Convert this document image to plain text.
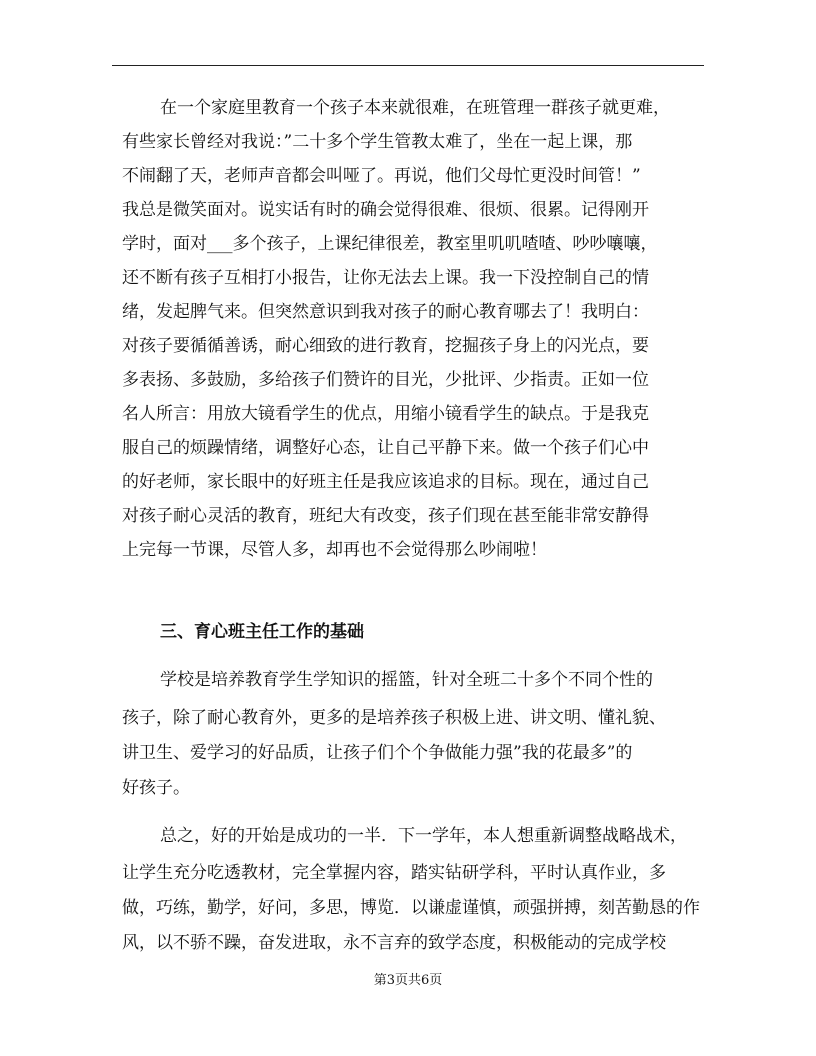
在一个家庭里教育一个孩子本来就很难，在班管理一群孩子就更难，
有些家长曾经对我说：”二十多个学生管教太难了，坐在一起上课，那
不闹翻了天，老师声音都会叫哑了。再说，他们父母忙更没时间管！”
我总是微笑面对。说实话有时的确会觉得很难、很烦、很累。记得刚开
学时，面对___多个孩子，上课纪律很差，教室里叽叽喳喳、吵吵嚷嚷，
还不断有孩子互相打小报告，让你无法去上课。我一下没控制自己的情
绪，发起脾气来。但突然意识到我对孩子的耐心教育哪去了！我明白：
对孩子要循循善诱，耐心细致的进行教育，挖掘孩子身上的闪光点，要
多表扬、多鼓励，多给孩子们赞许的目光，少批评、少指责。正如一位
名人所言：用放大镜看学生的优点，用缩小镜看学生的缺点。于是我克
服自己的烦躁情绪，调整好心态，让自己平静下来。做一个孩子们心中
的好老师，家长眼中的好班主任是我应该追求的目标。现在，通过自己
对孩子耐心灵活的教育，班纪大有改变，孩子们现在甚至能非常安静得
上完每一节课，尽管人多，却再也不会觉得那么吵闹啦！
三、育心班主任工作的基础
学校是培养教育学生学知识的摇篮，针对全班二十多个不同个性的
孩子，除了耐心教育外，更多的是培养孩子积极上进、讲文明、懂礼貌、
讲卫生、爱学习的好品质，让孩子们个个争做能力强”我的花最多”的
好孩子。
总之，好的开始是成功的一半．下一学年，本人想重新调整战略战术，
让学生充分吃透教材，完全掌握内容，踏实钻研学科，平时认真作业，多
做，巧练，勤学，好问，多思，博览．以谦虚谨慎，顽强拼搏，刻苦勤恳的作
风，以不骄不躁，奋发进取，永不言弃的致学态度，积极能动的完成学校
第3页共6页
